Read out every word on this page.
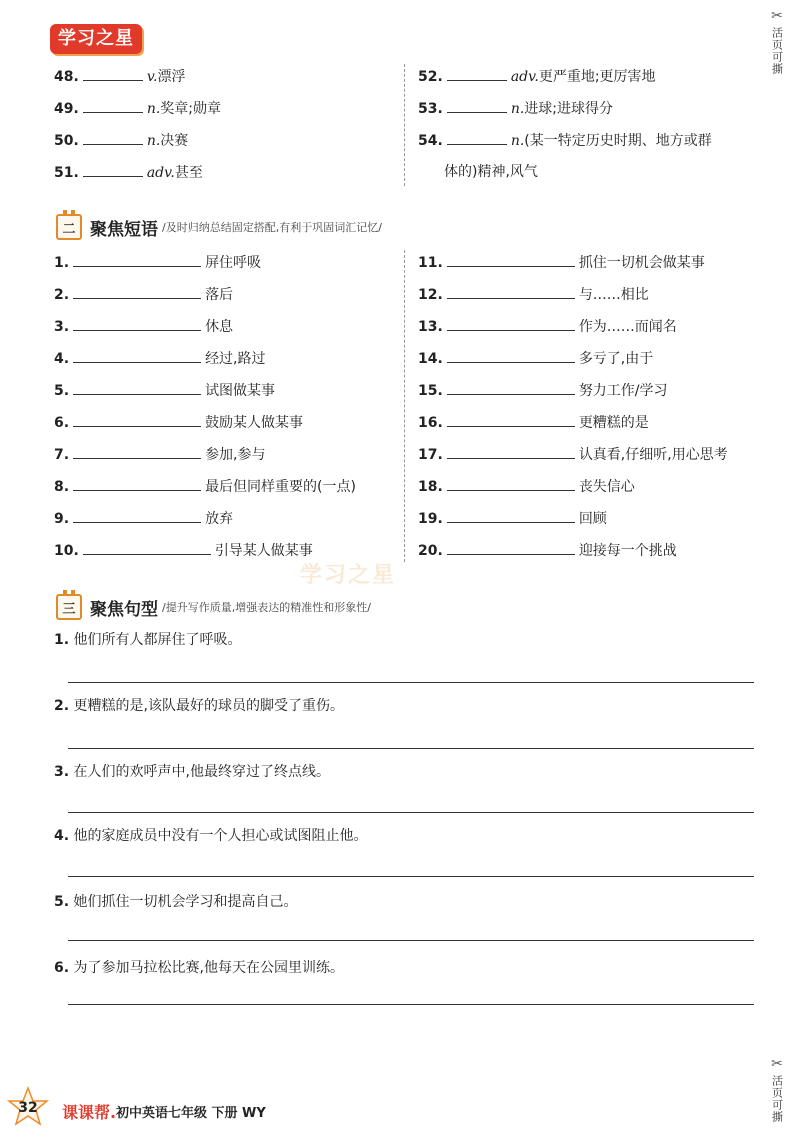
学习之星
✂
活页可撕
✂
活页可撕
48.	v.漂浮
49.	n.奖章;勋章
50.	n.决赛
51.	adv.甚至
52.	adv.更严重地;更厉害地
53.	n.进球;进球得分
54.	n.(某一特定历史时期、地方或群
体的)精神,风气
二 聚焦短语 /及时归纳总结固定搭配,有利于巩固词汇记忆/
1.	屏住呼吸
2.	落后
3.	休息
4.	经过,路过
5.	试图做某事
6.	鼓励某人做某事
7.	参加,参与
8.	最后但同样重要的(一点)
9.	放弃
10.	引导某人做某事
11.	抓住一切机会做某事
12.	与……相比
13.	作为……而闻名
14.	多亏了,由于
15.	努力工作/学习
16.	更糟糕的是
17.	认真看,仔细听,用心思考
18.	丧失信心
19.	回顾
20.	迎接每一个挑战
学习之星
三 聚焦句型 /提升写作质量,增强表达的精准性和形象性/
1. 他们所有人都屏住了呼吸。
2. 更糟糕的是,该队最好的球员的脚受了重伤。
3. 在人们的欢呼声中,他最终穿过了终点线。
4. 他的家庭成员中没有一个人担心或试图阻止他。
5. 她们抓住一切机会学习和提高自己。
6. 为了参加马拉松比赛,他每天在公园里训练。
32 课课帮. 初中英语七年级 下册 WY
